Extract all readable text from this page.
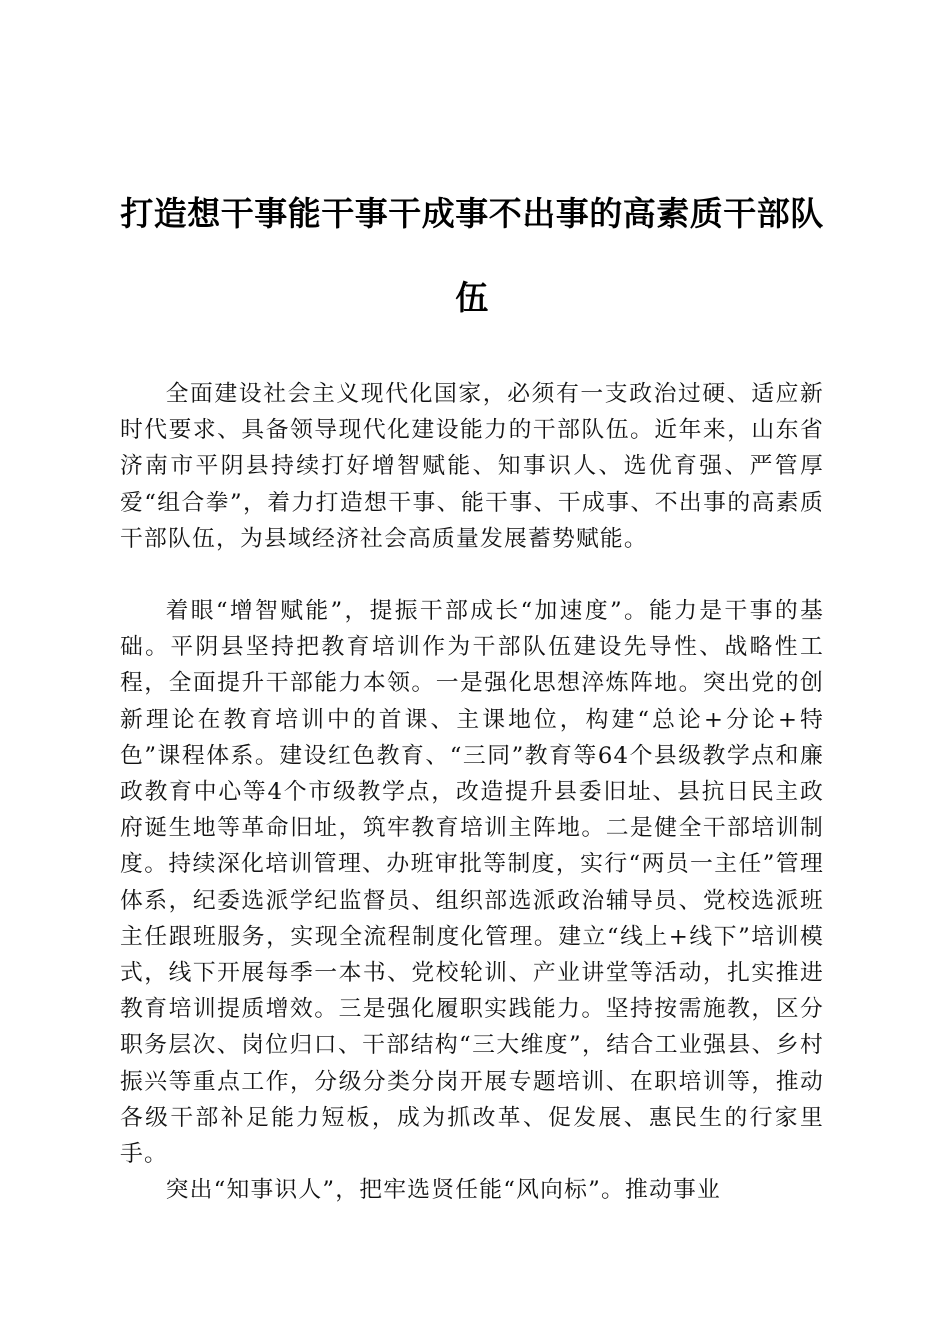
打造想干事能干事干成事不出事的高素质干部队伍

全面建设社会主义现代化国家，必须有一支政治过硬、适应新时代要求、具备领导现代化建设能力的干部队伍。近年来，山东省济南市平阴县持续打好增智赋能、知事识人、选优育强、严管厚爱“组合拳”，着力打造想干事、能干事、干成事、不出事的高素质干部队伍，为县域经济社会高质量发展蓄势赋能。

着眼“增智赋能”，提振干部成长“加速度”。能力是干事的基础。平阴县坚持把教育培训作为干部队伍建设先导性、战略性工程，全面提升干部能力本领。一是强化思想淬炼阵地。突出党的创新理论在教育培训中的首课、主课地位，构建“总论+分论+特色”课程体系。建设红色教育、“三同”教育等64个县级教学点和廉政教育中心等4个市级教学点，改造提升县委旧址、县抗日民主政府诞生地等革命旧址，筑牢教育培训主阵地。二是健全干部培训制度。持续深化培训管理、办班审批等制度，实行“两员一主任”管理体系，纪委选派学纪监督员、组织部选派政治辅导员、党校选派班主任跟班服务，实现全流程制度化管理。建立“线上+线下”培训模式，线下开展每季一本书、党校轮训、产业讲堂等活动，扎实推进教育培训提质增效。三是强化履职实践能力。坚持按需施教，区分职务层次、岗位归口、干部结构“三大维度”，结合工业强县、乡村振兴等重点工作，分级分类分岗开展专题培训、在职培训等，推动各级干部补足能力短板，成为抓改革、促发展、惠民生的行家里手。

突出“知事识人”，把牢选贤任能“风向标”。推动事业
